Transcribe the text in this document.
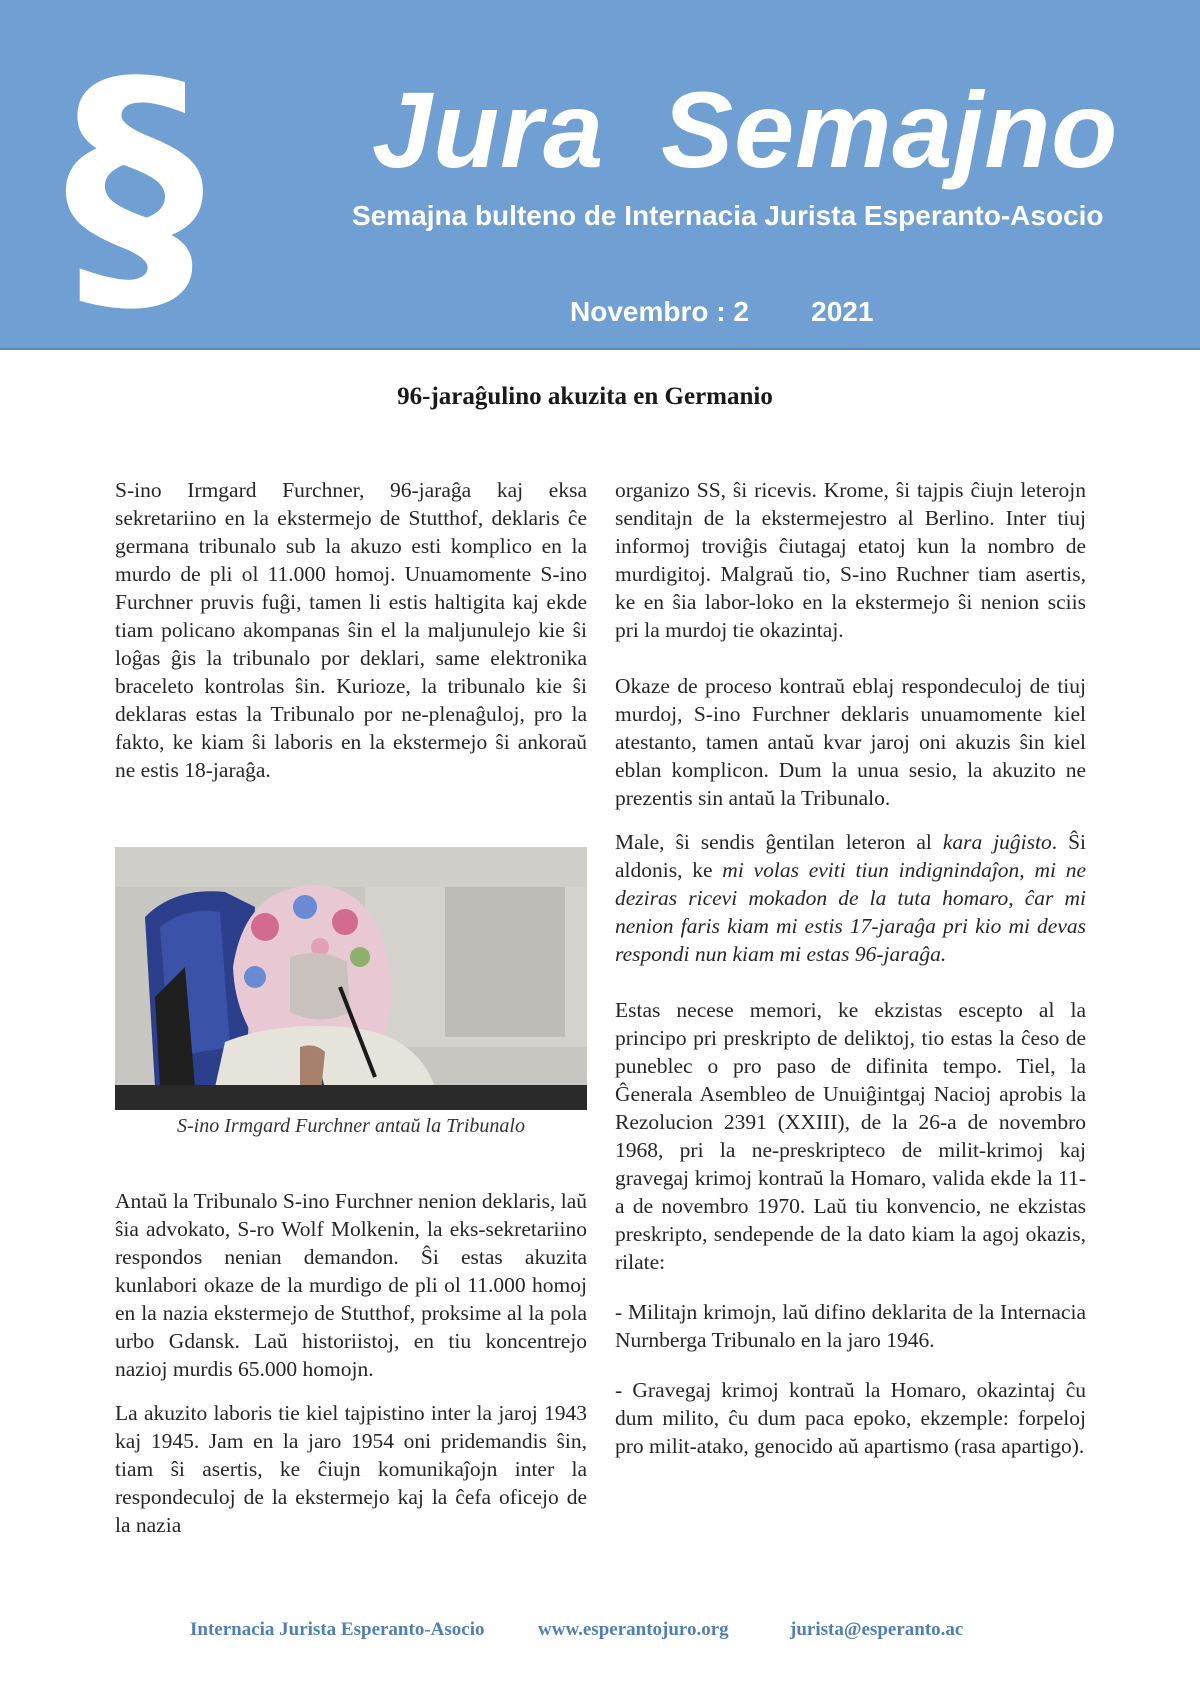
§ Jura Semajno
Semajna bulteno de Internacia Jurista Esperanto-Asocio
Novembro : 2        2021
96-jaraĝulino akuzita en Germanio

S-ino Irmgard Furchner, 96-jaraĝa kaj eksa sekretariino en la ekstermejo de Stutthof, deklaris ĉe germana tribunalo sub la akuzo esti komplico en la murdo de pli ol 11.000 homoj. Unuamomente S-ino Furchner pruvis fuĝi, tamen li estis haltigita kaj ekde tiam policano akompanas ŝin el la maljunulejo kie ŝi loĝas ĝis la tribunalo por deklari, same elektronika braceleto kontrolas ŝin. Kurioze, la tribunalo kie ŝi deklaras estas la Tribunalo por ne-plenaĝuloj, pro la fakto, ke kiam ŝi laboris en la ekstermejo ŝi ankoraŭ ne estis 18-jaraĝa.

S-ino Irmgard Furchner antaŭ la Tribunalo

Antaŭ la Tribunalo S-ino Furchner nenion deklaris, laŭ ŝia advokato, S-ro Wolf Molkenin, la eks-sekretariino respondos nenian demandon. Ŝi estas akuzita kunlabori okaze de la murdigo de pli ol 11.000 homoj en la nazia ekstermejo de Stutthof, proksime al la pola urbo Gdansk. Laŭ historiistoj, en tiu koncentrejo nazioj murdis 65.000 homojn.

La akuzito laboris tie kiel tajpistino inter la jaroj 1943 kaj 1945. Jam en la jaro 1954 oni pridemandis ŝin, tiam ŝi asertis, ke ĉiujn komunikaĵojn inter la respondeculoj de la ekstermejo kaj la ĉefa oficejo de la nazia

organizo SS, ŝi ricevis. Krome, ŝi tajpis ĉiujn leterojn senditajn de la ekstermejestro al Berlino. Inter tiuj informoj troviĝis ĉiutagaj etatoj kun la nombro de murdigitoj. Malgraŭ tio, S-ino Ruchner tiam asertis, ke en ŝia labor-loko en la ekstermejo ŝi nenion sciis pri la murdoj tie okazintaj.

Okaze de proceso kontraŭ eblaj respondeculoj de tiuj murdoj, S-ino Furchner deklaris unuamomente kiel atestanto, tamen antaŭ kvar jaroj oni akuzis ŝin kiel eblan komplicon. Dum la unua sesio, la akuzito ne prezentis sin antaŭ la Tribunalo.

Male, ŝi sendis ĝentilan leteron al kara juĝisto. Ŝi aldonis, ke mi volas eviti tiun indignindaĵon, mi ne deziras ricevi mokadon de la tuta homaro, ĉar mi nenion faris kiam mi estis 17-jaraĝa pri kio mi devas respondi nun kiam mi estas 96-jaraĝa.

Estas necese memori, ke ekzistas escepto al la principo pri preskripto de deliktoj, tio estas la ĉeso de puneblec o pro paso de difinita tempo. Tiel, la Ĝenerala Asembleo de Unuiĝintgaj Nacioj aprobis la Rezolucion 2391 (XXIII), de la 26-a de novembro 1968, pri la ne-preskripteco de milit-krimoj kaj gravegaj krimoj kontraŭ la Homaro, valida ekde la 11-a de novembro 1970. Laŭ tiu konvencio, ne ekzistas preskripto, sendepende de la dato kiam la agoj okazis, rilate:

- Militajn krimojn, laŭ difino deklarita de la Internacia Nurnberga Tribunalo en la jaro 1946.

- Gravegaj krimoj kontraŭ la Homaro, okazintaj ĉu dum milito, ĉu dum paca epoko, ekzemple: forpeloj pro milit-atako, genocido aŭ apartismo (rasa apartigo).

Internacia Jurista Esperanto-Asocio	www.esperantojuro.org	jurista@esperanto.ac
